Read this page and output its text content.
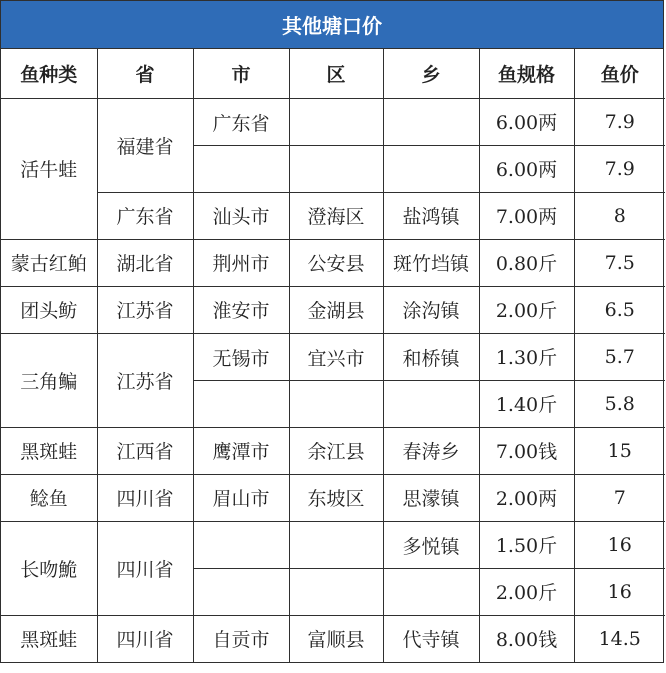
其他塘口价
鱼种类	省	市	区	乡	鱼规格	鱼价
活牛蛙	福建省	广东省			6.00两	7.9
					6.00两	7.9
	广东省	汕头市	澄海区	盐鸿镇	7.00两	8
蒙古红鲌	湖北省	荆州市	公安县	斑竹垱镇	0.80斤	7.5
团头鲂	江苏省	淮安市	金湖县	涂沟镇	2.00斤	6.5
三角鳊	江苏省	无锡市	宜兴市	和桥镇	1.30斤	5.7
					1.40斤	5.8
黑斑蛙	江西省	鹰潭市	余江县	春涛乡	7.00钱	15
鲶鱼	四川省	眉山市	东坡区	思濛镇	2.00两	7
长吻鮠	四川省			多悦镇	1.50斤	16
					2.00斤	16
黑斑蛙	四川省	自贡市	富顺县	代寺镇	8.00钱	14.5
